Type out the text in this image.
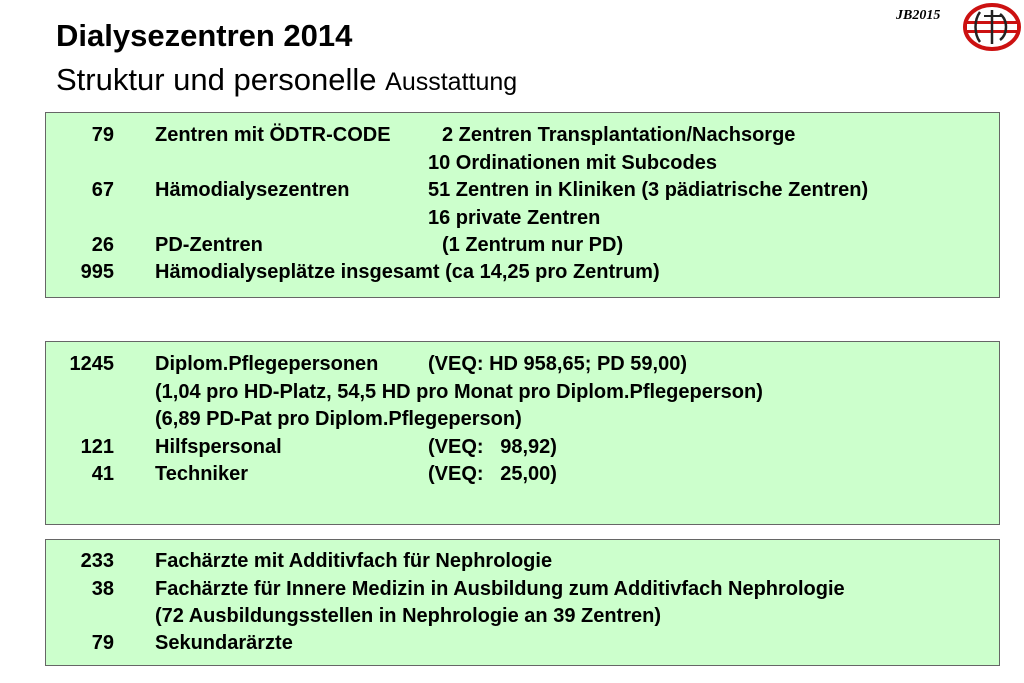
Dialysezentren 2014
Struktur und personelle Ausstattung
JB2015
79 Zentren mit ÖDTR-CODE	2 Zentren Transplantation/Nachsorge
10 Ordinationen mit Subcodes
67 Hämodialysezentren	51 Zentren in Kliniken (3 pädiatrische Zentren)
16 private Zentren
26 PD-Zentren	(1 Zentrum nur PD)
995 Hämodialyseplätze insgesamt (ca 14,25 pro Zentrum)
1245 Diplom.Pflegepersonen (VEQ: HD 958,65; PD 59,00)
(1,04 pro HD-Platz, 54,5 HD pro Monat pro Diplom.Pflegeperson)
(6,89 PD-Pat pro Diplom.Pflegeperson)
121 Hilfspersonal	(VEQ:   98,92)
41 Techniker	(VEQ:   25,00)
233 Fachärzte mit Additivfach für Nephrologie
38 Fachärzte für Innere Medizin in Ausbildung zum Additivfach Nephrologie
(72 Ausbildungsstellen in Nephrologie an 39 Zentren)
79 Sekundarärzte
